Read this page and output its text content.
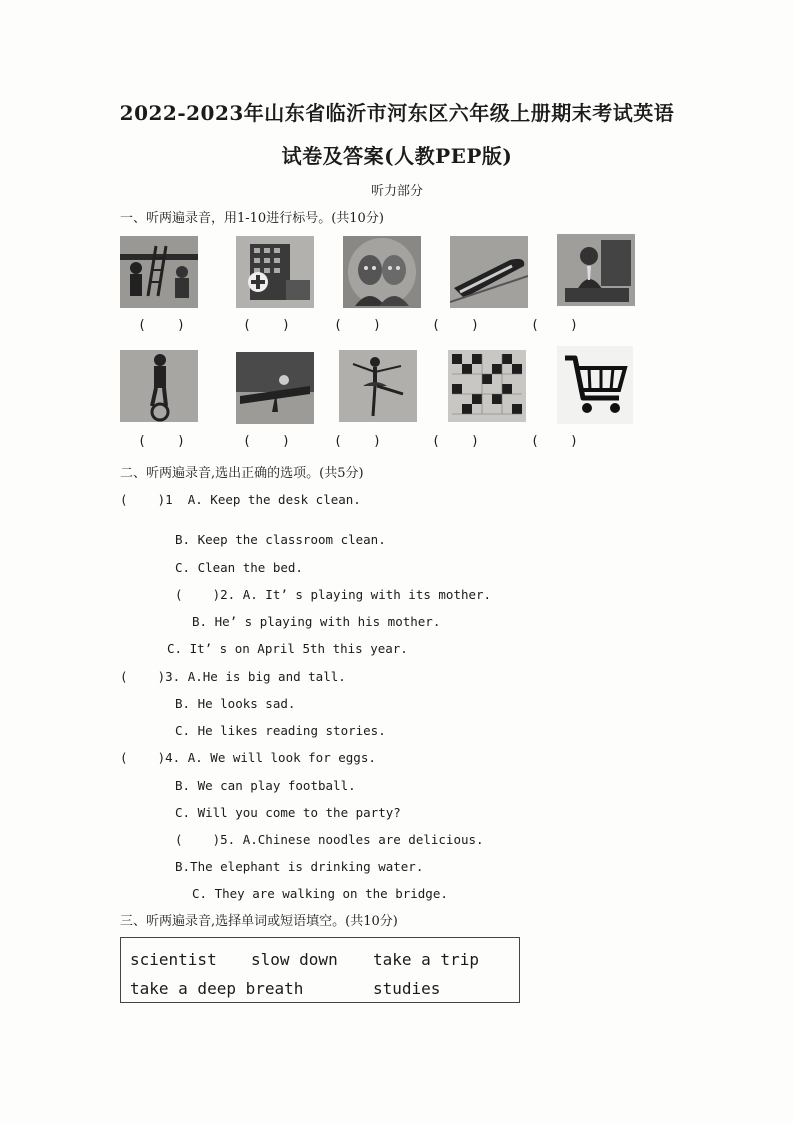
2022-2023年山东省临沂市河东区六年级上册期末考试英语
试卷及答案(人教PEP版)
听力部分
一、听两遍录音，用1-10进行标号。(共10分)
(    )	(    )	(    )	(    )	(    )
(    )	(    )	(    )	(    )	(    )
二、听两遍录音,选出正确的选项。(共5分)
(    )1  A. Keep the desk clean.
B. Keep the classroom clean.
C. Clean the bed.
(    )2. A. It’ s playing with its mother.
B. He’ s playing with his mother.
C. It’ s on April 5th this year.
(    )3. A.He is big and tall.
B. He looks sad.
C. He likes reading stories.
(    )4. A. We will look for eggs.
B. We can play football.
C. Will you come to the party?
(    )5. A.Chinese noodles are delicious.
B.The elephant is drinking water.
C. They are walking on the bridge.
三、听两遍录音,选择单词或短语填空。(共10分)
scientist slow down take a trip
take a deep breath	studies
